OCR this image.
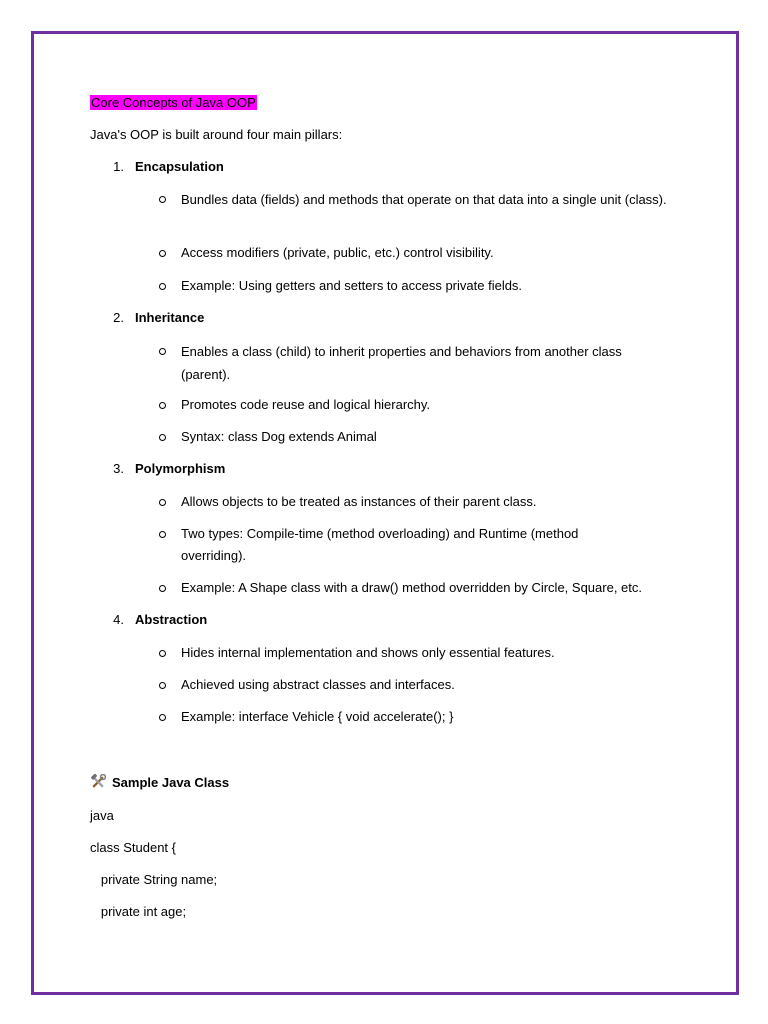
Core Concepts of Java OOP
Java's OOP is built around four main pillars:
1. Encapsulation
Bundles data (fields) and methods that operate on that data into a single unit (class).
Access modifiers (private, public, etc.) control visibility.
Example: Using getters and setters to access private fields.
2. Inheritance
Enables a class (child) to inherit properties and behaviors from another class (parent).
Promotes code reuse and logical hierarchy.
Syntax: class Dog extends Animal
3. Polymorphism
Allows objects to be treated as instances of their parent class.
Two types: Compile-time (method overloading) and Runtime (method overriding).
Example: A Shape class with a draw() method overridden by Circle, Square, etc.
4. Abstraction
Hides internal implementation and shows only essential features.
Achieved using abstract classes and interfaces.
Example: interface Vehicle { void accelerate(); }
Sample Java Class
java
class Student {
private String name;
private int age;
